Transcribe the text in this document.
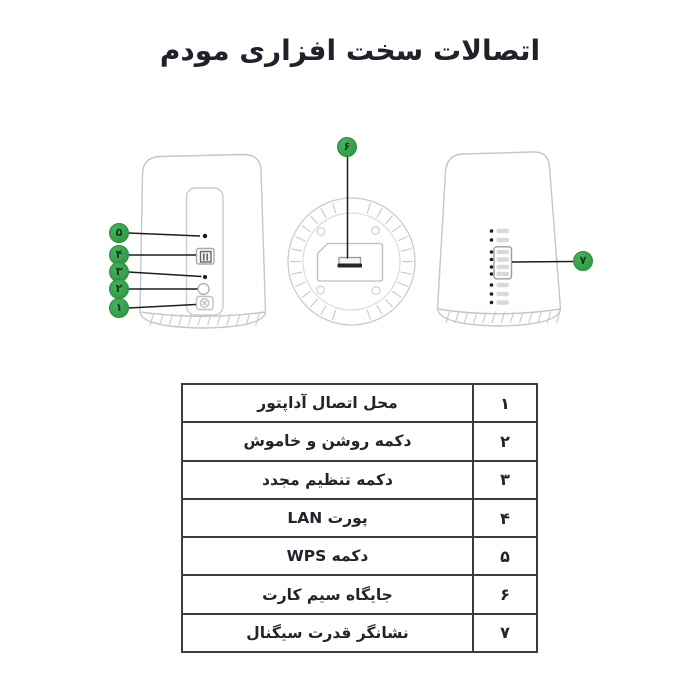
اتصالات سخت افزاری مودم
۵
۴
۳
۲
۱
۶
۷
محل اتصال آداپتور	۱
دکمه روشن و خاموش	۲
دکمه تنظیم مجدد	۳
پورت LAN	۴
دکمه WPS	۵
جایگاه سیم کارت	۶
نشانگر قدرت سیگنال	۷
